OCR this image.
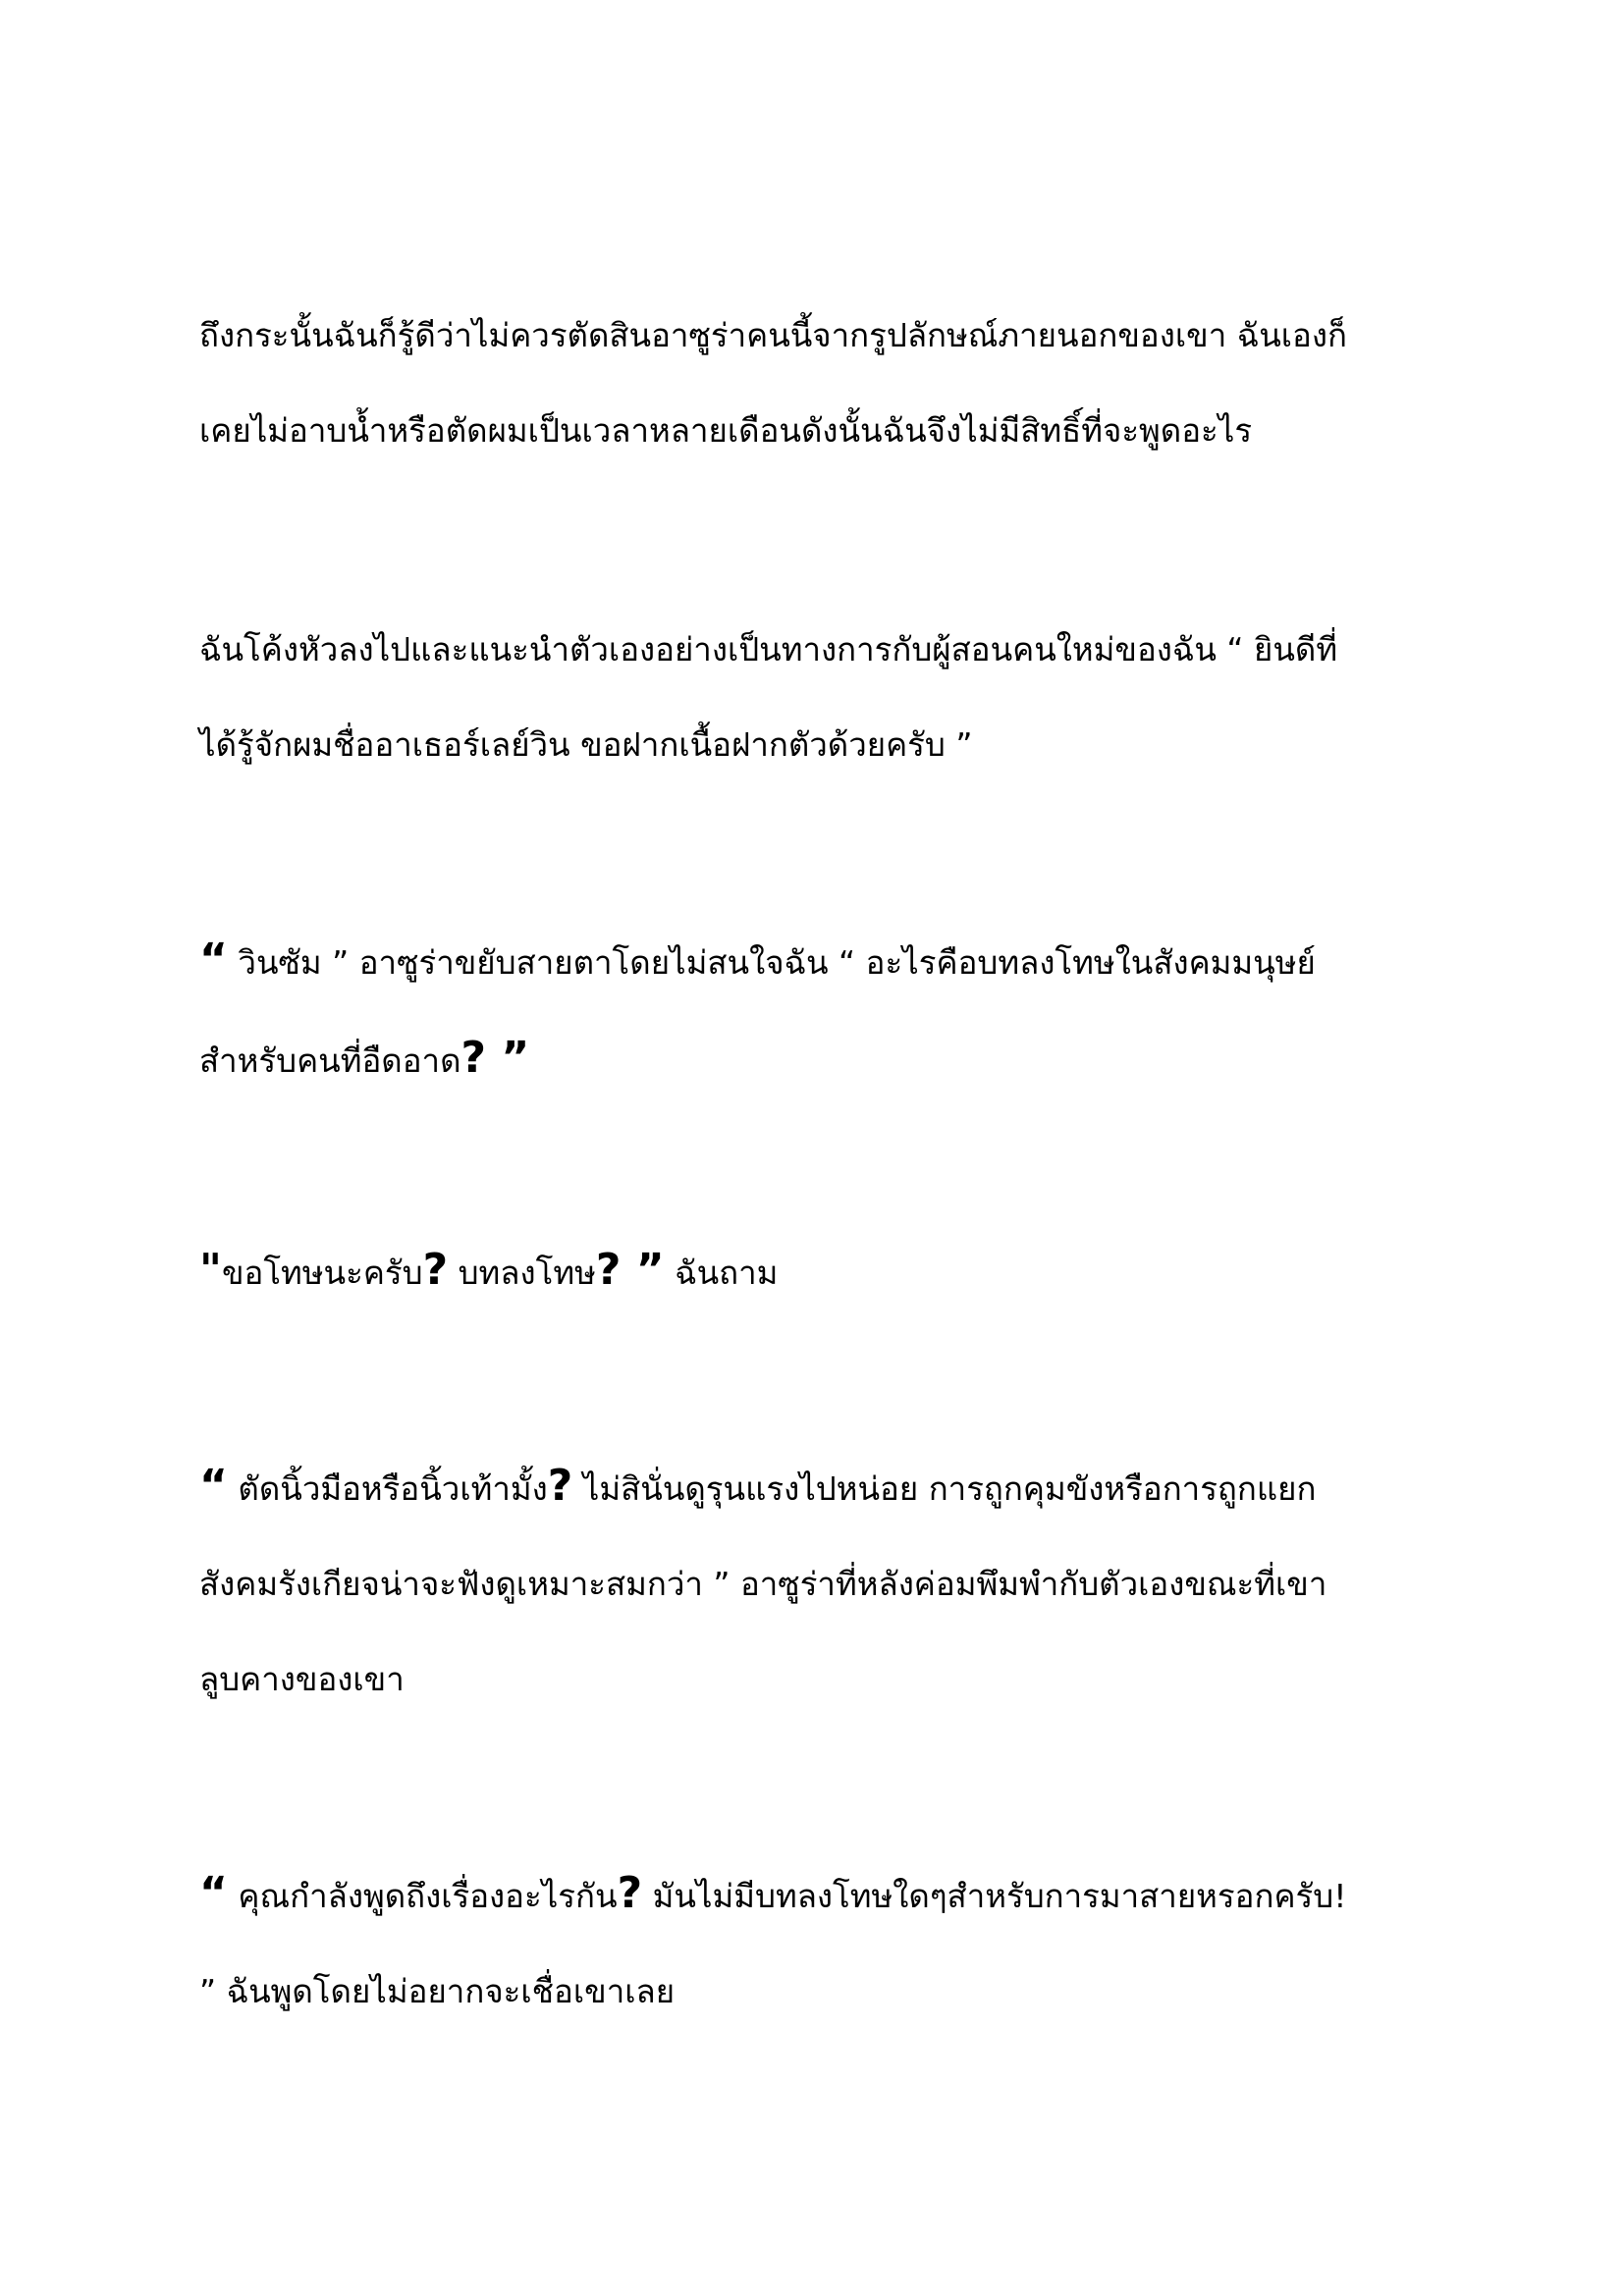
ถึงกระนั้นฉันก็รู้ดีว่าไม่ควรตัดสินอาซูร่าคนนี้จากรูปลักษณ์ภายนอกของเขา ฉันเองก็
เคยไม่อาบน้ำหรือตัดผมเป็นเวลาหลายเดือนดังนั้นฉันจึงไม่มีสิทธิ์ที่จะพูดอะไร

ฉันโค้งหัวลงไปและแนะนำตัวเองอย่างเป็นทางการกับผู้สอนคนใหม่ของฉัน “ ยินดีที่
ได้รู้จักผมชื่ออาเธอร์เลย์วิน ขอฝากเนื้อฝากตัวด้วยครับ ”

“ วินซัม ” อาซูร่าขยับสายตาโดยไม่สนใจฉัน “ อะไรคือบทลงโทษในสังคมมนุษย์
สำหรับคนที่อืดอาด? ”

"ขอโทษนะครับ? บทลงโทษ? ” ฉันถาม

“ ตัดนิ้วมือหรือนิ้วเท้ามั้ง? ไม่สินั่นดูรุนแรงไปหน่อย การถูกคุมขังหรือการถูกแยก
สังคมรังเกียจน่าจะฟังดูเหมาะสมกว่า ” อาซูร่าที่หลังค่อมพึมพำกับตัวเองขณะที่เขา
ลูบคางของเขา

“ คุณกำลังพูดถึงเรื่องอะไรกัน? มันไม่มีบทลงโทษใดๆสำหรับการมาสายหรอกครับ!
” ฉันพูดโดยไม่อยากจะเชื่อเขาเลย
